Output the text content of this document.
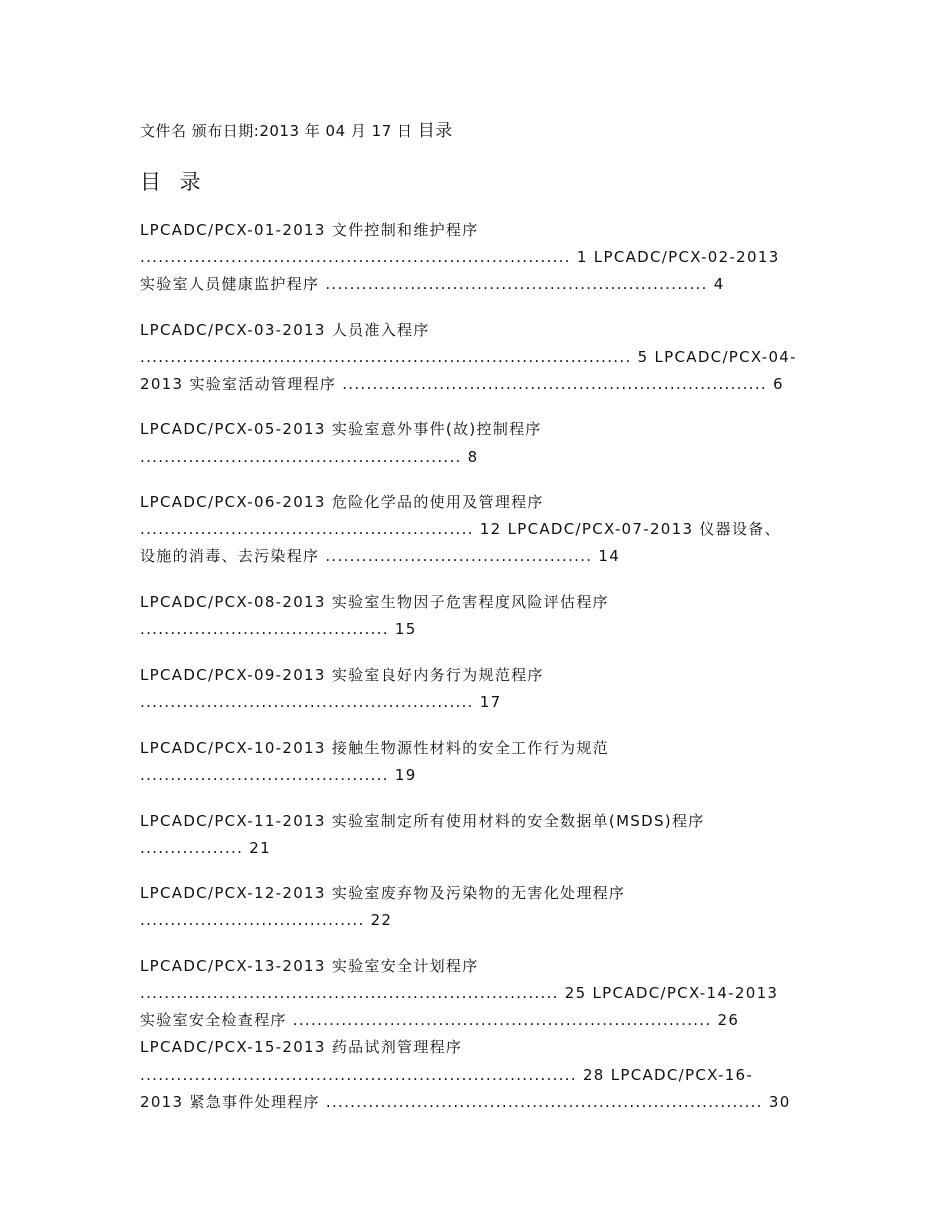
文件名 颁布日期:2013 年 04 月 17 日 目录
目 录
LPCADC/PCX-01-2013 文件控制和维护程序
....................................................................... 1 LPCADC/PCX-02-2013
实验室人员健康监护程序 ............................................................... 4
LPCADC/PCX-03-2013 人员准入程序
................................................................................. 5 LPCADC/PCX-04-
2013 实验室活动管理程序 ...................................................................... 6
LPCADC/PCX-05-2013 实验室意外事件(故)控制程序
..................................................... 8
LPCADC/PCX-06-2013 危险化学品的使用及管理程序
....................................................... 12 LPCADC/PCX-07-2013 仪器设备、
设施的消毒、去污染程序 ............................................ 14
LPCADC/PCX-08-2013 实验室生物因子危害程度风险评估程序
......................................... 15
LPCADC/PCX-09-2013 实验室良好内务行为规范程序
....................................................... 17
LPCADC/PCX-10-2013 接触生物源性材料的安全工作行为规范
......................................... 19
LPCADC/PCX-11-2013 实验室制定所有使用材料的安全数据单(MSDS)程序
................. 21
LPCADC/PCX-12-2013 实验室废弃物及污染物的无害化处理程序
..................................... 22
LPCADC/PCX-13-2013 实验室安全计划程序
..................................................................... 25 LPCADC/PCX-14-2013
实验室安全检查程序 ..................................................................... 26
LPCADC/PCX-15-2013 药品试剂管理程序
........................................................................ 28 LPCADC/PCX-16-
2013 紧急事件处理程序 ........................................................................ 30
